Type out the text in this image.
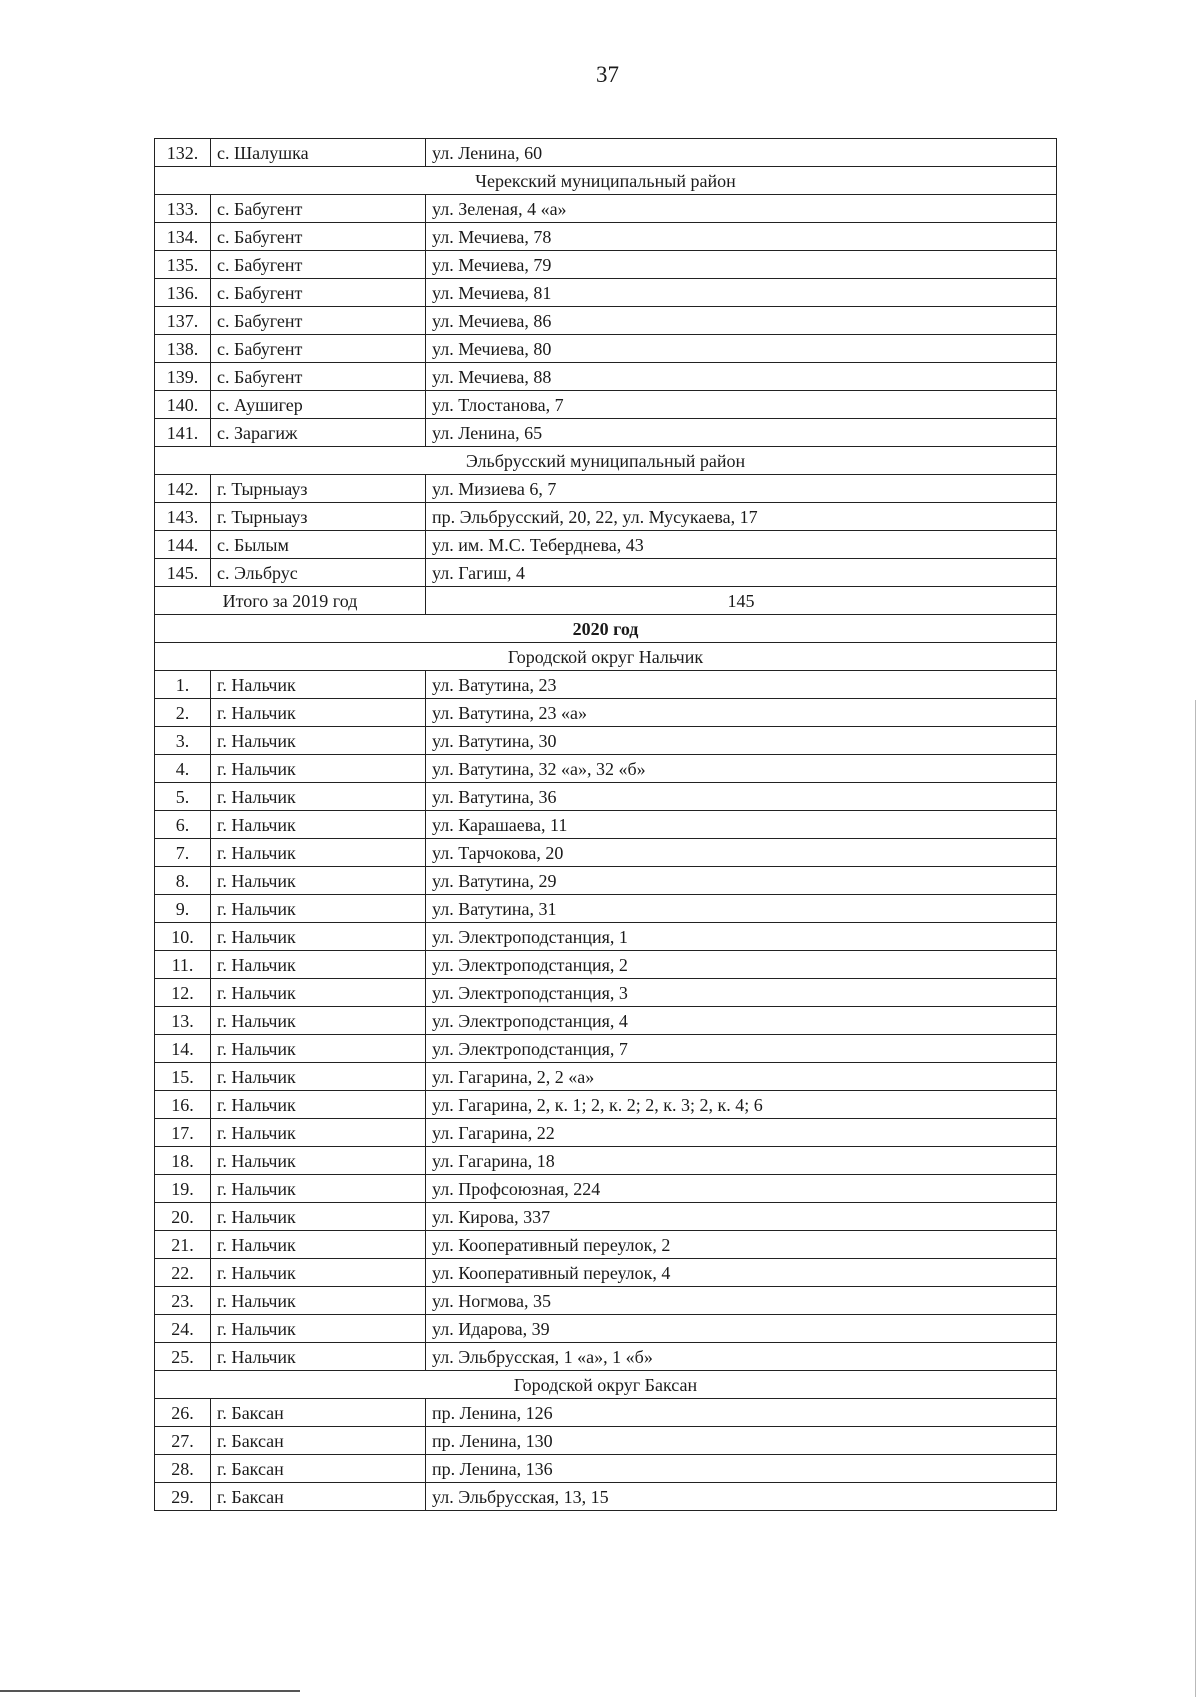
37
132.	с. Шалушка	ул. Ленина, 60
Черекский муниципальный район		
133.	с. Бабугент	ул. Зеленая, 4 «а»
134.	с. Бабугент	ул. Мечиева, 78
135.	с. Бабугент	ул. Мечиева, 79
136.	с. Бабугент	ул. Мечиева, 81
137.	с. Бабугент	ул. Мечиева, 86
138.	с. Бабугент	ул. Мечиева, 80
139.	с. Бабугент	ул. Мечиева, 88
140.	с. Аушигер	ул. Тлостанова, 7
141.	с. Зарагиж	ул. Ленина, 65
Эльбрусский муниципальный район		
142.	г. Тырныауз	ул. Мизиева 6, 7
143.	г. Тырныауз	пр. Эльбрусский, 20, 22, ул. Мусукаева, 17
144.	с. Былым	ул. им. М.С. Теберднева, 43
145.	с. Эльбрус	ул. Гагиш, 4
Итого за 2019 год		145
2020 год		
Городской округ Нальчик		
1.	г. Нальчик	ул. Ватутина, 23
2.	г. Нальчик	ул. Ватутина, 23 «а»
3.	г. Нальчик	ул. Ватутина, 30
4.	г. Нальчик	ул. Ватутина, 32 «а», 32 «б»
5.	г. Нальчик	ул. Ватутина, 36
6.	г. Нальчик	ул. Карашаева, 11
7.	г. Нальчик	ул. Тарчокова, 20
8.	г. Нальчик	ул. Ватутина, 29
9.	г. Нальчик	ул. Ватутина, 31
10.	г. Нальчик	ул. Электроподстанция, 1
11.	г. Нальчик	ул. Электроподстанция, 2
12.	г. Нальчик	ул. Электроподстанция, 3
13.	г. Нальчик	ул. Электроподстанция, 4
14.	г. Нальчик	ул. Электроподстанция, 7
15.	г. Нальчик	ул. Гагарина, 2, 2 «а»
16.	г. Нальчик	ул. Гагарина, 2, к. 1; 2, к. 2; 2, к. 3; 2, к. 4; 6
17.	г. Нальчик	ул. Гагарина, 22
18.	г. Нальчик	ул. Гагарина, 18
19.	г. Нальчик	ул. Профсоюзная, 224
20.	г. Нальчик	ул. Кирова, 337
21.	г. Нальчик	ул. Кооперативный переулок, 2
22.	г. Нальчик	ул. Кооперативный переулок, 4
23.	г. Нальчик	ул. Ногмова, 35
24.	г. Нальчик	ул. Идарова, 39
25.	г. Нальчик	ул. Эльбрусская, 1 «а», 1 «б»
Городской округ Баксан		
26.	г. Баксан	пр. Ленина, 126
27.	г. Баксан	пр. Ленина, 130
28.	г. Баксан	пр. Ленина, 136
29.	г. Баксан	ул. Эльбрусская, 13, 15
